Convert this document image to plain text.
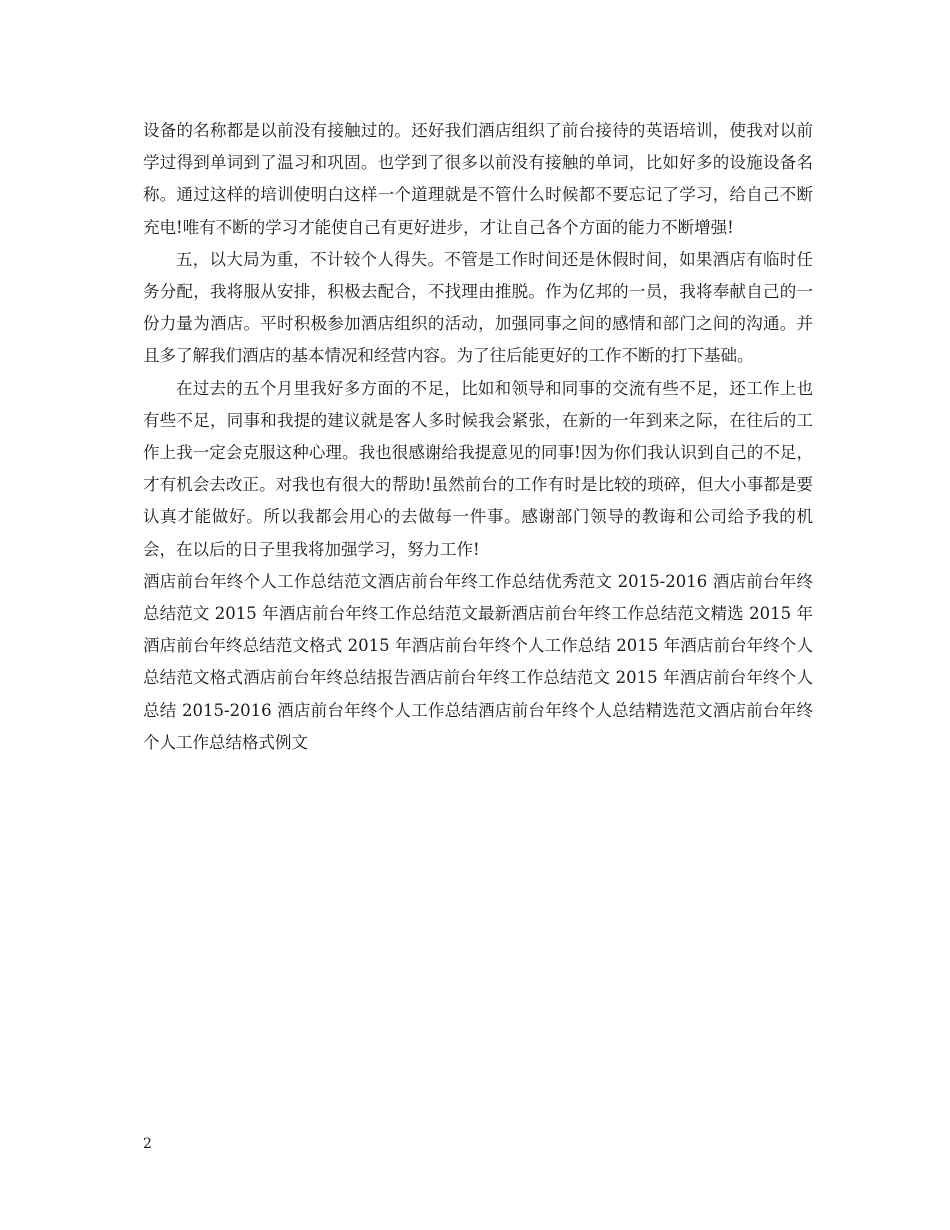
设备的名称都是以前没有接触过的。还好我们酒店组织了前台接待的英语培训，使我对以前学过得到单词到了温习和巩固。也学到了很多以前没有接触的单词，比如好多的设施设备名称。通过这样的培训使明白这样一个道理就是不管什么时候都不要忘记了学习，给自己不断充电!唯有不断的学习才能使自己有更好进步，才让自己各个方面的能力不断增强!

五，以大局为重，不计较个人得失。不管是工作时间还是休假时间，如果酒店有临时任务分配，我将服从安排，积极去配合，不找理由推脱。作为亿邦的一员，我将奉献自己的一份力量为酒店。平时积极参加酒店组织的活动，加强同事之间的感情和部门之间的沟通。并且多了解我们酒店的基本情况和经营内容。为了往后能更好的工作不断的打下基础。

在过去的五个月里我好多方面的不足，比如和领导和同事的交流有些不足，还工作上也有些不足，同事和我提的建议就是客人多时候我会紧张，在新的一年到来之际，在往后的工作上我一定会克服这种心理。我也很感谢给我提意见的同事!因为你们我认识到自己的不足，才有机会去改正。对我也有很大的帮助!虽然前台的工作有时是比较的琐碎，但大小事都是要认真才能做好。所以我都会用心的去做每一件事。感谢部门领导的教诲和公司给予我的机会，在以后的日子里我将加强学习，努力工作!

酒店前台年终个人工作总结范文酒店前台年终工作总结优秀范文 2015-2016 酒店前台年终总结范文 2015 年酒店前台年终工作总结范文最新酒店前台年终工作总结范文精选 2015 年酒店前台年终总结范文格式 2015 年酒店前台年终个人工作总结 2015 年酒店前台年终个人总结范文格式酒店前台年终总结报告酒店前台年终工作总结范文 2015 年酒店前台年终个人总结 2015-2016 酒店前台年终个人工作总结酒店前台年终个人总结精选范文酒店前台年终个人工作总结格式例文

2
